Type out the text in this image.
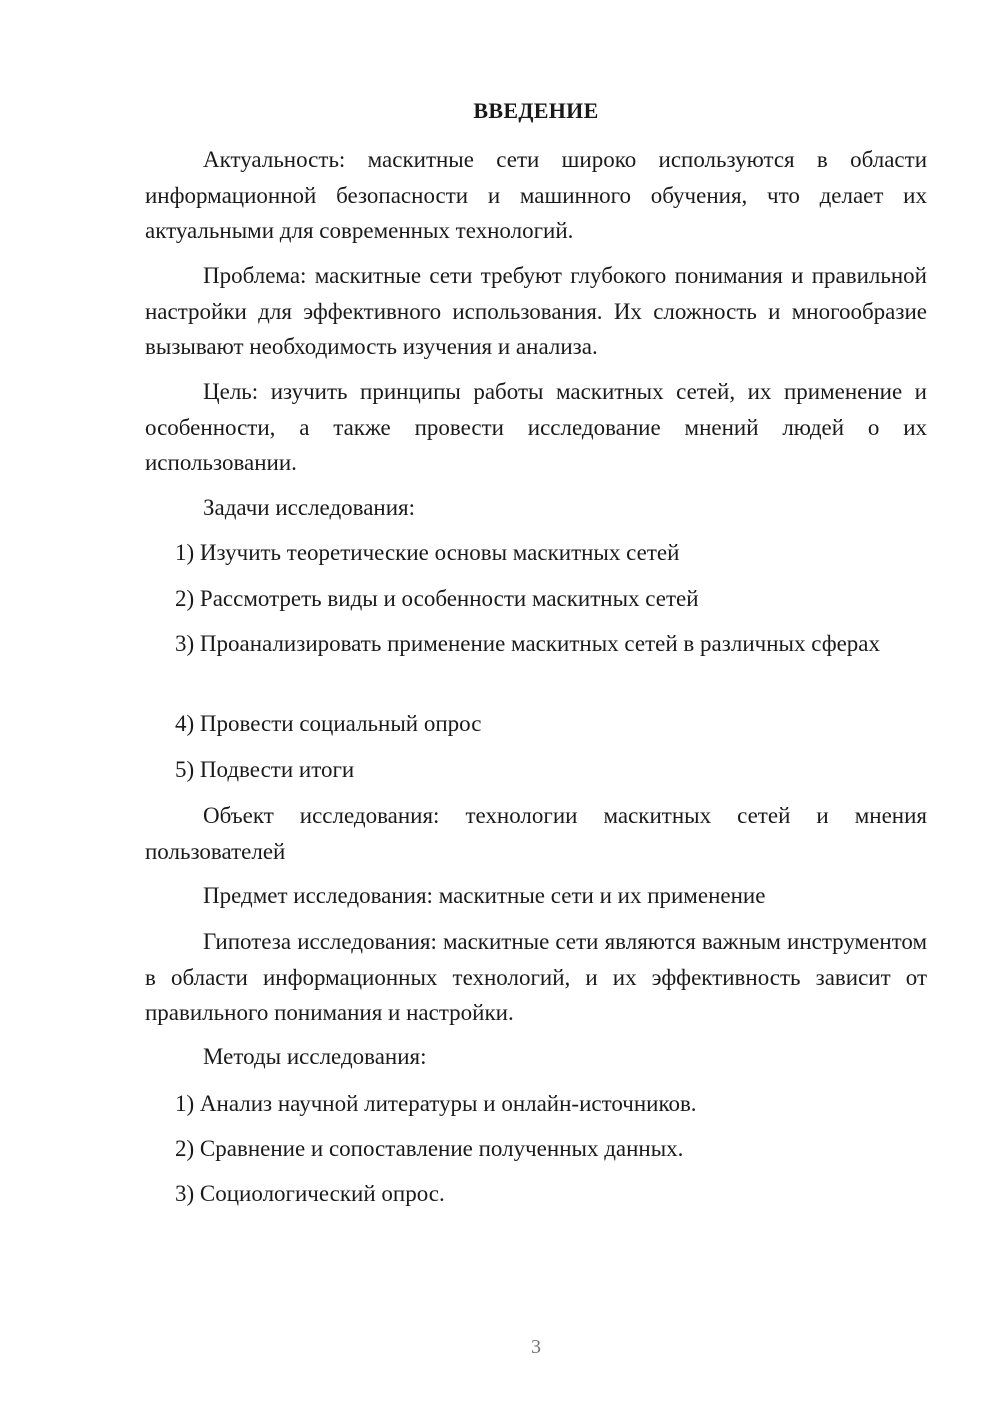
ВВЕДЕНИЕ

Актуальность: маскитные сети широко используются в области информационной безопасности и машинного обучения, что делает их актуальными для современных технологий.

Проблема: маскитные сети требуют глубокого понимания и правильной настройки для эффективного использования. Их сложность и многообразие вызывают необходимость изучения и анализа.

Цель: изучить принципы работы маскитных сетей, их применение и особенности, а также провести исследование мнений людей о их использовании.

Задачи исследования:

1) Изучить теоретические основы маскитных сетей

2) Рассмотреть виды и особенности маскитных сетей

3) Проанализировать применение маскитных сетей в различных сферах

4) Провести социальный опрос

5) Подвести итоги

Объект исследования: технологии маскитных сетей и мнения пользователей

Предмет исследования: маскитные сети и их применение

Гипотеза исследования: маскитные сети являются важным инструментом в области информационных технологий, и их эффективность зависит от правильного понимания и настройки.

Методы исследования:

1) Анализ научной литературы и онлайн-источников.

2) Сравнение и сопоставление полученных данных.

3) Социологический опрос.

3
